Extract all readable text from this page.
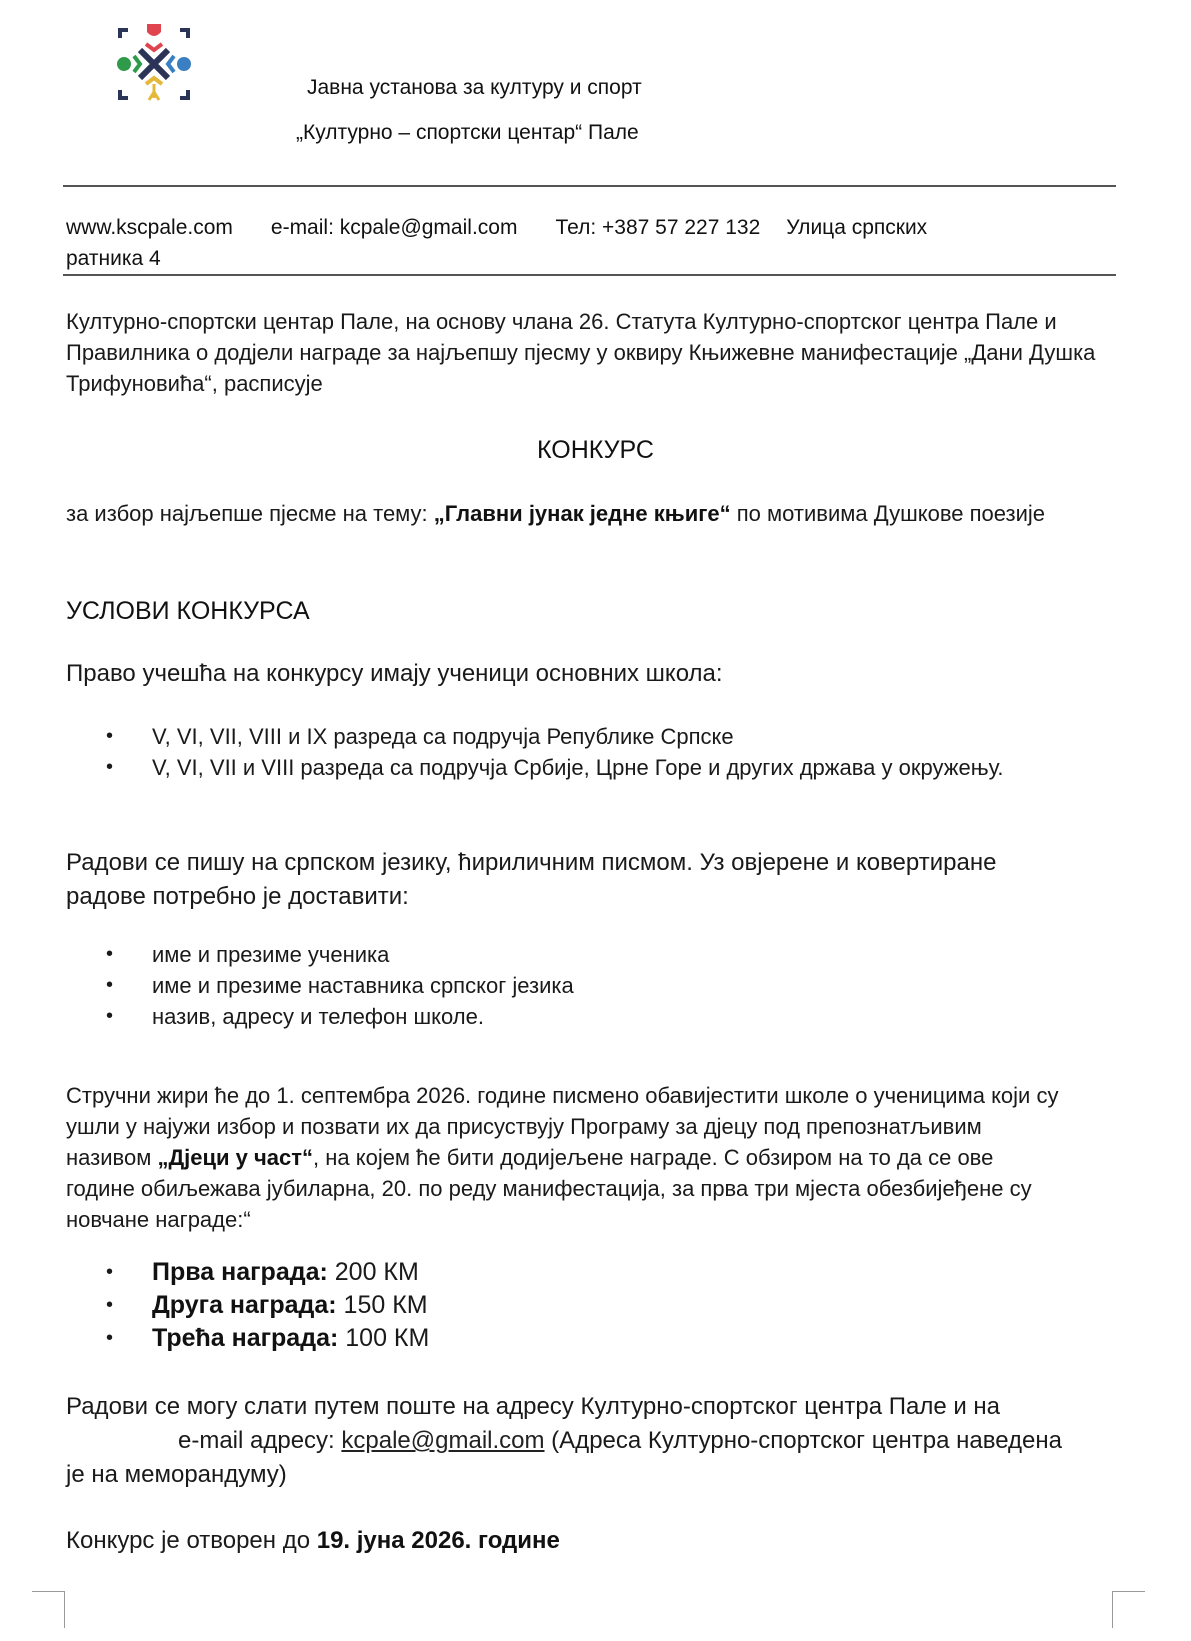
Јавна установа за културу и спорт
„Културно – спортски центар“ Пале
www.kscpale.com e-mail: kcpale@gmail.com Тел: +387 57 227 132 Улица српских
ратника 4
Културно-спортски центар Пале, на основу члана 26. Статута Културно-спортског центра Пале и Правилника о додјели награде за најљепшу пјесму у оквиру Књижевне манифестације „Дани Душка Трифуновића“, расписује
КОНКУРС
за избор најљепше пјесме на тему: „Главни јунак једне књиге“ по мотивима Душкове поезије
УСЛОВИ КОНКУРСА
Право учешћа на конкурсу имају ученици основних школа:
• V, VI, VII, VIII и IX разреда са подручја Републике Српске
• V, VI, VII и VIII разреда са подручја Србије, Црне Горе и других држава у окружењу.
Радови се пишу на српском језику, ћириличним писмом. Уз овјерене и ковертиране радове потребно је доставити:
• име и презиме ученика
• име и презиме наставника српског језика
• назив, адресу и телефон школе.
Стручни жири ће до 1. септембра 2026. године писмено обавијестити школе о ученицима који су ушли у најужи избор и позвати их да присуствују Програму за дјецу под препознатљивим називом „Дјеци у част“, на којем ће бити додијељене награде. С обзиром на то да се ове године обиљежава јубиларна, 20. по реду манифестација, за прва три мјеста обезбијеђене су новчане награде:“
• Прва награда: 200 КМ
• Друга награда: 150 КМ
• Трећа награда: 100 КМ
Радови се могу слати путем поште на адресу Културно-спортског центра Пале и наe-mail адресу: kcpale@gmail.com (Адреса Културно-спортског центра наведена је на меморандуму)
Конкурс је отворен до 19. јуна 2026. године
